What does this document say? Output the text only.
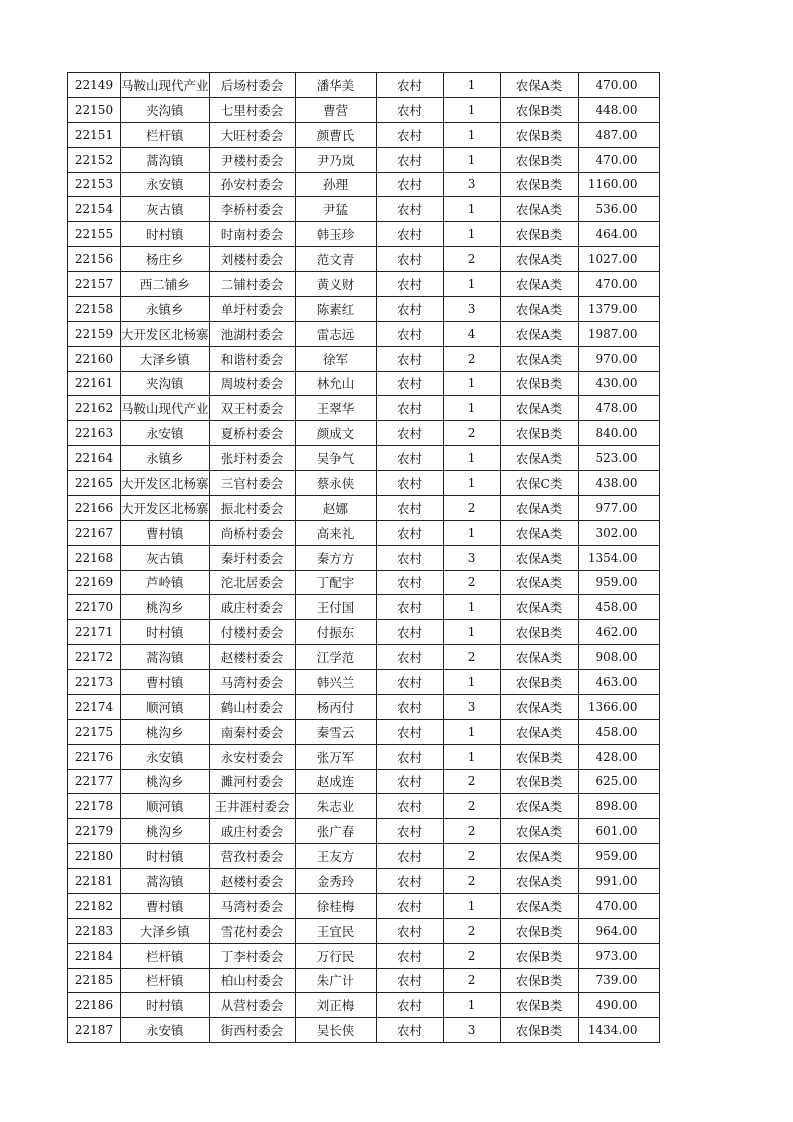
22149	马鞍山现代产业	后场村委会	潘华美	农村	1	农保A类	470.00
22150	夹沟镇	七里村委会	曹营	农村	1	农保B类	448.00
22151	栏杆镇	大旺村委会	颜曹氏	农村	1	农保B类	487.00
22152	蒿沟镇	尹楼村委会	尹乃岚	农村	1	农保B类	470.00
22153	永安镇	孙安村委会	孙理	农村	3	农保B类	1160.00
22154	灰古镇	李桥村委会	尹猛	农村	1	农保A类	536.00
22155	时村镇	时南村委会	韩玉珍	农村	1	农保B类	464.00
22156	杨庄乡	刘楼村委会	范文青	农村	2	农保A类	1027.00
22157	西二铺乡	二铺村委会	黄义财	农村	1	农保A类	470.00
22158	永镇乡	单圩村委会	陈素红	农村	3	农保A类	1379.00
22159	大开发区北杨寨	池湖村委会	雷志远	农村	4	农保A类	1987.00
22160	大泽乡镇	和谐村委会	徐军	农村	2	农保A类	970.00
22161	夹沟镇	周坡村委会	林允山	农村	1	农保B类	430.00
22162	马鞍山现代产业	双王村委会	王翠华	农村	1	农保A类	478.00
22163	永安镇	夏桥村委会	颜成文	农村	2	农保B类	840.00
22164	永镇乡	张圩村委会	吴争气	农村	1	农保A类	523.00
22165	大开发区北杨寨	三官村委会	蔡永侠	农村	1	农保C类	438.00
22166	大开发区北杨寨	振北村委会	赵娜	农村	2	农保A类	977.00
22167	曹村镇	尚桥村委会	高来礼	农村	1	农保A类	302.00
22168	灰古镇	秦圩村委会	秦方方	农村	3	农保A类	1354.00
22169	芦岭镇	沱北居委会	丁配宇	农村	2	农保A类	959.00
22170	桃沟乡	戚庄村委会	王付国	农村	1	农保A类	458.00
22171	时村镇	付楼村委会	付振东	农村	1	农保B类	462.00
22172	蒿沟镇	赵楼村委会	江学范	农村	2	农保A类	908.00
22173	曹村镇	马湾村委会	韩兴兰	农村	1	农保B类	463.00
22174	顺河镇	鹤山村委会	杨丙付	农村	3	农保A类	1366.00
22175	桃沟乡	南秦村委会	秦雪云	农村	1	农保A类	458.00
22176	永安镇	永安村委会	张万军	农村	1	农保B类	428.00
22177	桃沟乡	濉河村委会	赵成连	农村	2	农保B类	625.00
22178	顺河镇	王井涯村委会	朱志业	农村	2	农保A类	898.00
22179	桃沟乡	戚庄村委会	张广春	农村	2	农保A类	601.00
22180	时村镇	营孜村委会	王友方	农村	2	农保A类	959.00
22181	蒿沟镇	赵楼村委会	金秀玲	农村	2	农保A类	991.00
22182	曹村镇	马湾村委会	徐桂梅	农村	1	农保A类	470.00
22183	大泽乡镇	雪花村委会	王宜民	农村	2	农保B类	964.00
22184	栏杆镇	丁李村委会	万行民	农村	2	农保B类	973.00
22185	栏杆镇	柏山村委会	朱广计	农村	2	农保B类	739.00
22186	时村镇	从营村委会	刘正梅	农村	1	农保B类	490.00
22187	永安镇	街西村委会	吴长侠	农村	3	农保B类	1434.00
